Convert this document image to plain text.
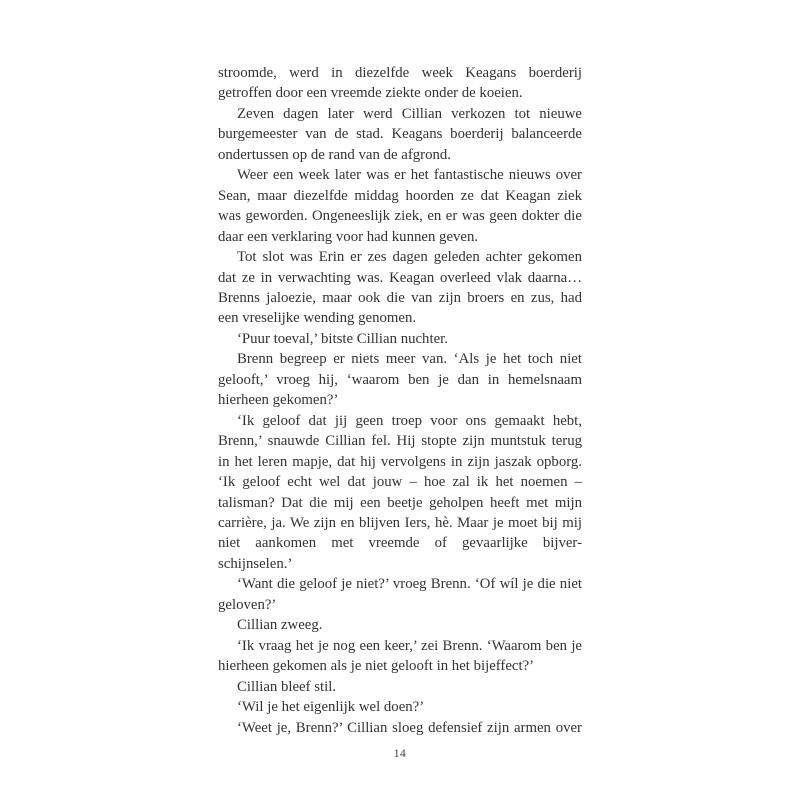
stroomde, werd in diezelfde week Keagans boerderij
getroffen door een vreemde ziekte onder de koeien.
Zeven dagen later werd Cillian verkozen tot nieuwe
burgemeester van de stad. Keagans boerderij balanceerde
ondertussen op de rand van de afgrond.
Weer een week later was er het fantastische nieuws over
Sean, maar diezelfde middag hoorden ze dat Keagan ziek
was geworden. Ongeneeslijk ziek, en er was geen dokter die
daar een verklaring voor had kunnen geven.
Tot slot was Erin er zes dagen geleden achter gekomen
dat ze in verwachting was. Keagan overleed vlak daarna…
Brenns jaloezie, maar ook die van zijn broers en zus, had
een vreselijke wending genomen.
‘Puur toeval,’ bitste Cillian nuchter.
Brenn begreep er niets meer van. ‘Als je het toch niet
gelooft,’ vroeg hij, ‘waarom ben je dan in hemelsnaam
hierheen gekomen?’
‘Ik geloof dat jij geen troep voor ons gemaakt hebt,
Brenn,’ snauwde Cillian fel. Hij stopte zijn muntstuk terug
in het leren mapje, dat hij vervolgens in zijn jaszak opborg.
‘Ik geloof echt wel dat jouw – hoe zal ik het noemen –
talisman? Dat die mij een beetje geholpen heeft met mijn
carrière, ja. We zijn en blijven Iers, hè. Maar je moet bij mij
niet aankomen met vreemde of gevaarlijke bijver-
schijnselen.’
‘Want die geloof je niet?’ vroeg Brenn. ‘Of wíl je die niet
geloven?’
Cillian zweeg.
‘Ik vraag het je nog een keer,’ zei Brenn. ‘Waarom ben je
hierheen gekomen als je niet gelooft in het bijeffect?’
Cillian bleef stil.
‘Wil je het eigenlijk wel doen?’
‘Weet je, Brenn?’ Cillian sloeg defensief zijn armen over
14
